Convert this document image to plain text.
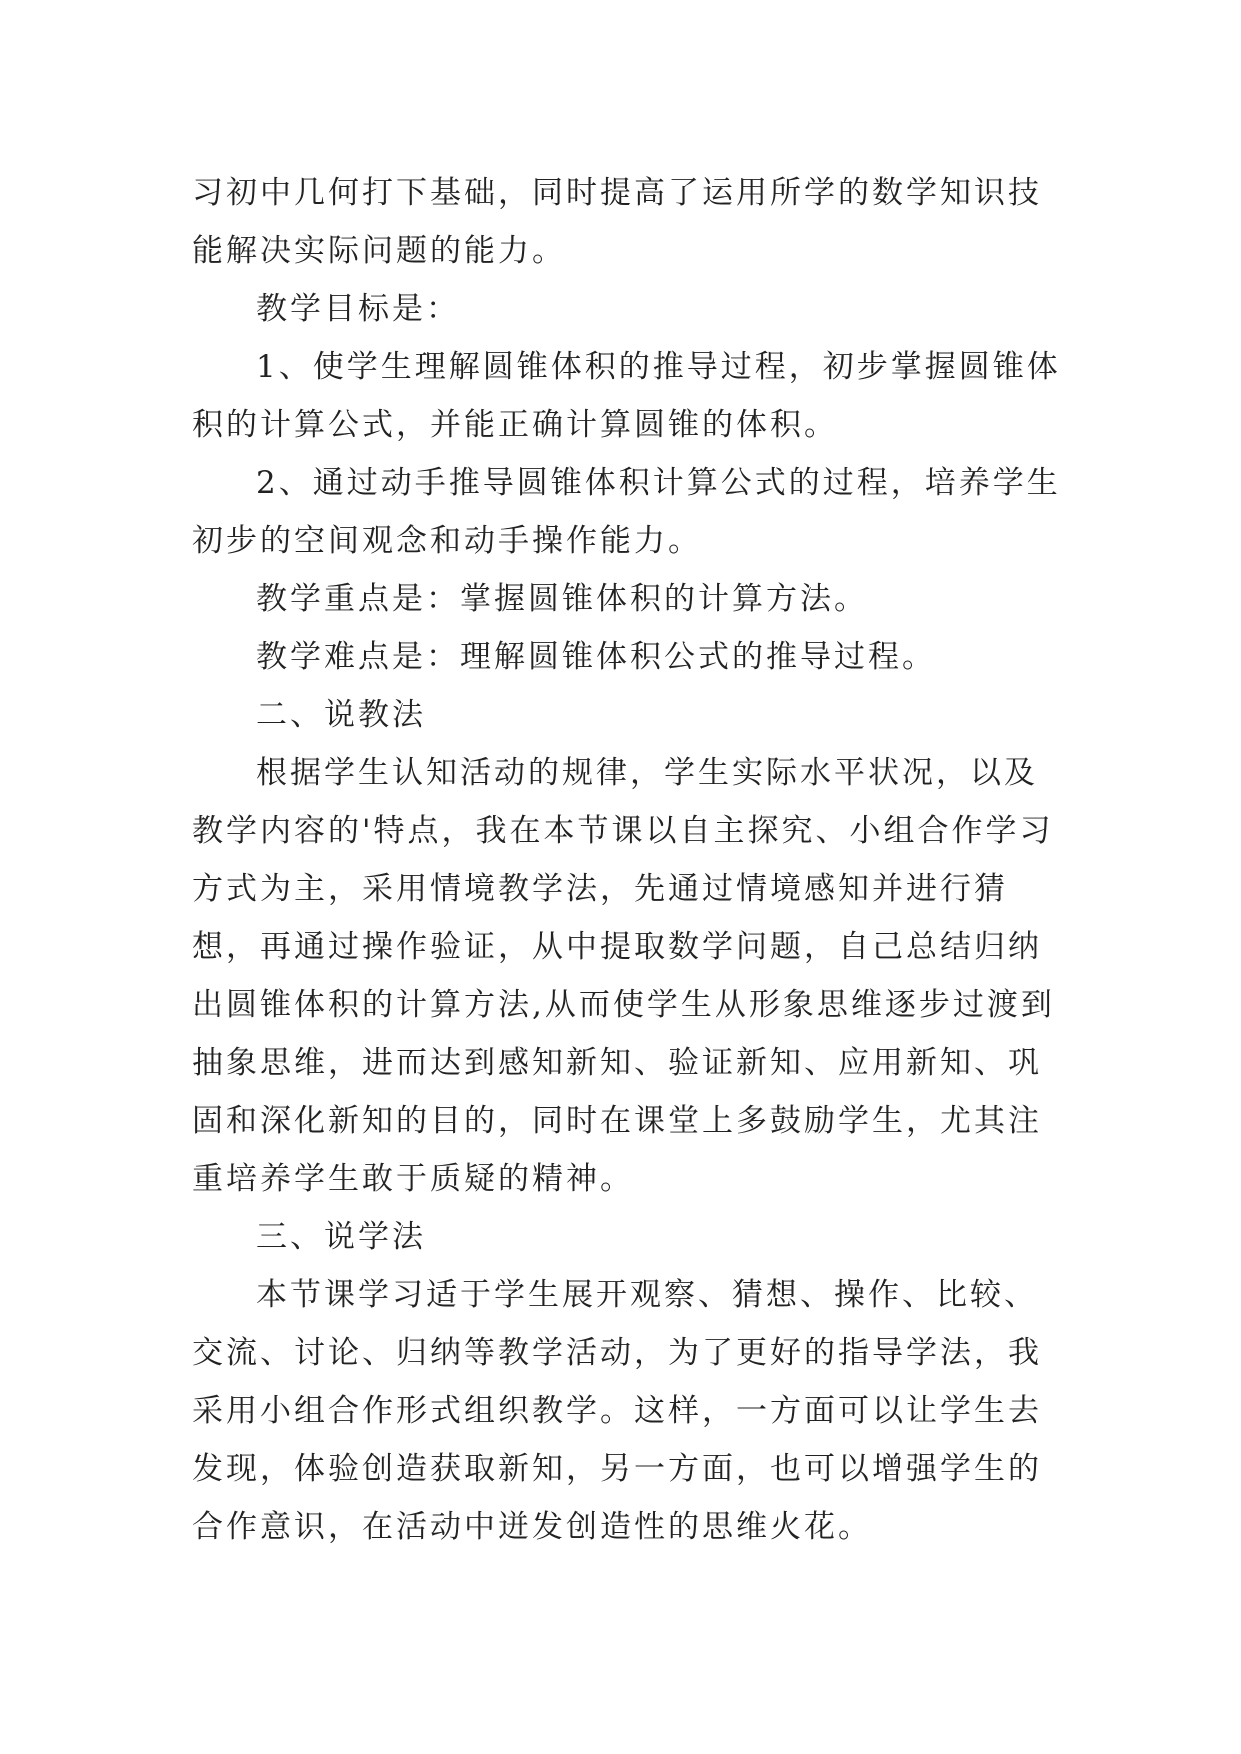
习初中几何打下基础，同时提高了运用所学的数学知识技能解决实际问题的能力。

教学目标是：

1、使学生理解圆锥体积的推导过程，初步掌握圆锥体积的计算公式，并能正确计算圆锥的体积。

2、通过动手推导圆锥体积计算公式的过程，培养学生初步的空间观念和动手操作能力。

教学重点是：掌握圆锥体积的计算方法。

教学难点是：理解圆锥体积公式的推导过程。

二、说教法

根据学生认知活动的规律，学生实际水平状况，以及教学内容的'特点，我在本节课以自主探究、小组合作学习方式为主，采用情境教学法，先通过情境感知并进行猜想，再通过操作验证，从中提取数学问题，自己总结归纳出圆锥体积的计算方法,从而使学生从形象思维逐步过渡到抽象思维，进而达到感知新知、验证新知、应用新知、巩固和深化新知的目的，同时在课堂上多鼓励学生，尤其注重培养学生敢于质疑的精神。

三、说学法

本节课学习适于学生展开观察、猜想、操作、比较、交流、讨论、归纳等教学活动，为了更好的指导学法，我采用小组合作形式组织教学。这样，一方面可以让学生去发现，体验创造获取新知，另一方面，也可以增强学生的合作意识，在活动中迸发创造性的思维火花。
